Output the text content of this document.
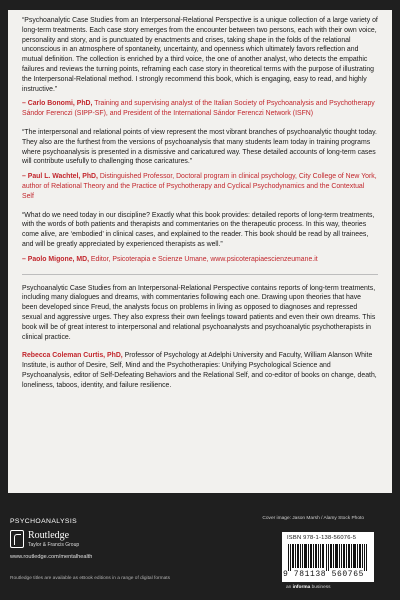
“Psychoanalytic Case Studies from an Interpersonal-Relational Perspective is a unique collection of a large variety of long-term treatments. Each case story emerges from the encounter between two persons, each with their own voice, personality and story, and is punctuated by enactments and crises, taking shape in the folds of the relational unconscious in an atmosphere of spontaneity, uncertainty, and openness which ultimately favors reflection and mutual definition. The collection is enriched by a third voice, the one of another analyst, who detects the empathic failures and reviews the turning points, reframing each case story in theoretical terms with the purpose of illustrating the Interpersonal-Relational method. I strongly recommend this book, which is engaging, easy to read, and highly instructive.”
– Carlo Bonomi, PhD, Training and supervising analyst of the Italian Society of Psychoanalysis and Psychotherapy Sándor Ferenczi (SIPP-SF), and President of the International Sándor Ferenczi Network (ISFN)
“The interpersonal and relational points of view represent the most vibrant branches of psychoanalytic thought today. They also are the furthest from the versions of psychoanalysis that many students learn today in training programs where psychoanalysis is presented in a dismissive and caricatured way. These detailed accounts of long-term cases will contribute usefully to challenging those caricatures.”
– Paul L. Wachtel, PhD, Distinguished Professor, Doctoral program in clinical psychology, City College of New York, author of Relational Theory and the Practice of Psychotherapy and Cyclical Psychodynamics and the Contextual Self
“What do we need today in our discipline? Exactly what this book provides: detailed reports of long-term treatments, with the words of both patients and therapists and commentaries on the therapeutic process. In this way, theories come alive, are ‘embodied’ in clinical cases, and explained to the reader. This book should be read by all trainees, and will be greatly appreciated by experienced therapists as well.”
– Paolo Migone, MD, Editor, Psicoterapia e Scienze Umane, www.psicoterapiaescienzeumane.it
Psychoanalytic Case Studies from an Interpersonal-Relational Perspective contains reports of long-term treatments, including many dialogues and dreams, with commentaries following each one. Drawing upon theories that have been developed since Freud, the analysts focus on problems in living as opposed to diagnoses and repressed sexual and aggressive urges. They also express their own feelings toward patients and even their own dreams. This book will be of great interest to interpersonal and relational psychoanalysts and psychoanalytic psychotherapists in clinical practice.
Rebecca Coleman Curtis, PhD, Professor of Psychology at Adelphi University and Faculty, William Alanson White Institute, is author of Desire, Self, Mind and the Psychotherapies: Unifying Psychological Science and Psychoanalysis, editor of Self-Defeating Behaviors and the Relational Self, and co-editor of books on change, death, loneliness, taboos, identity, and failure resilience.
PSYCHOANALYSIS	Cover image: Jason Marsh / Alamy Stock Photo
Routledge
Taylor & Francis Group
www.routledge.com/mentalhealth
Routledge titles are available as eBook editions in a range of digital formats
ISBN 978-1-138-56076-5
9 781138 560765
an informa business
